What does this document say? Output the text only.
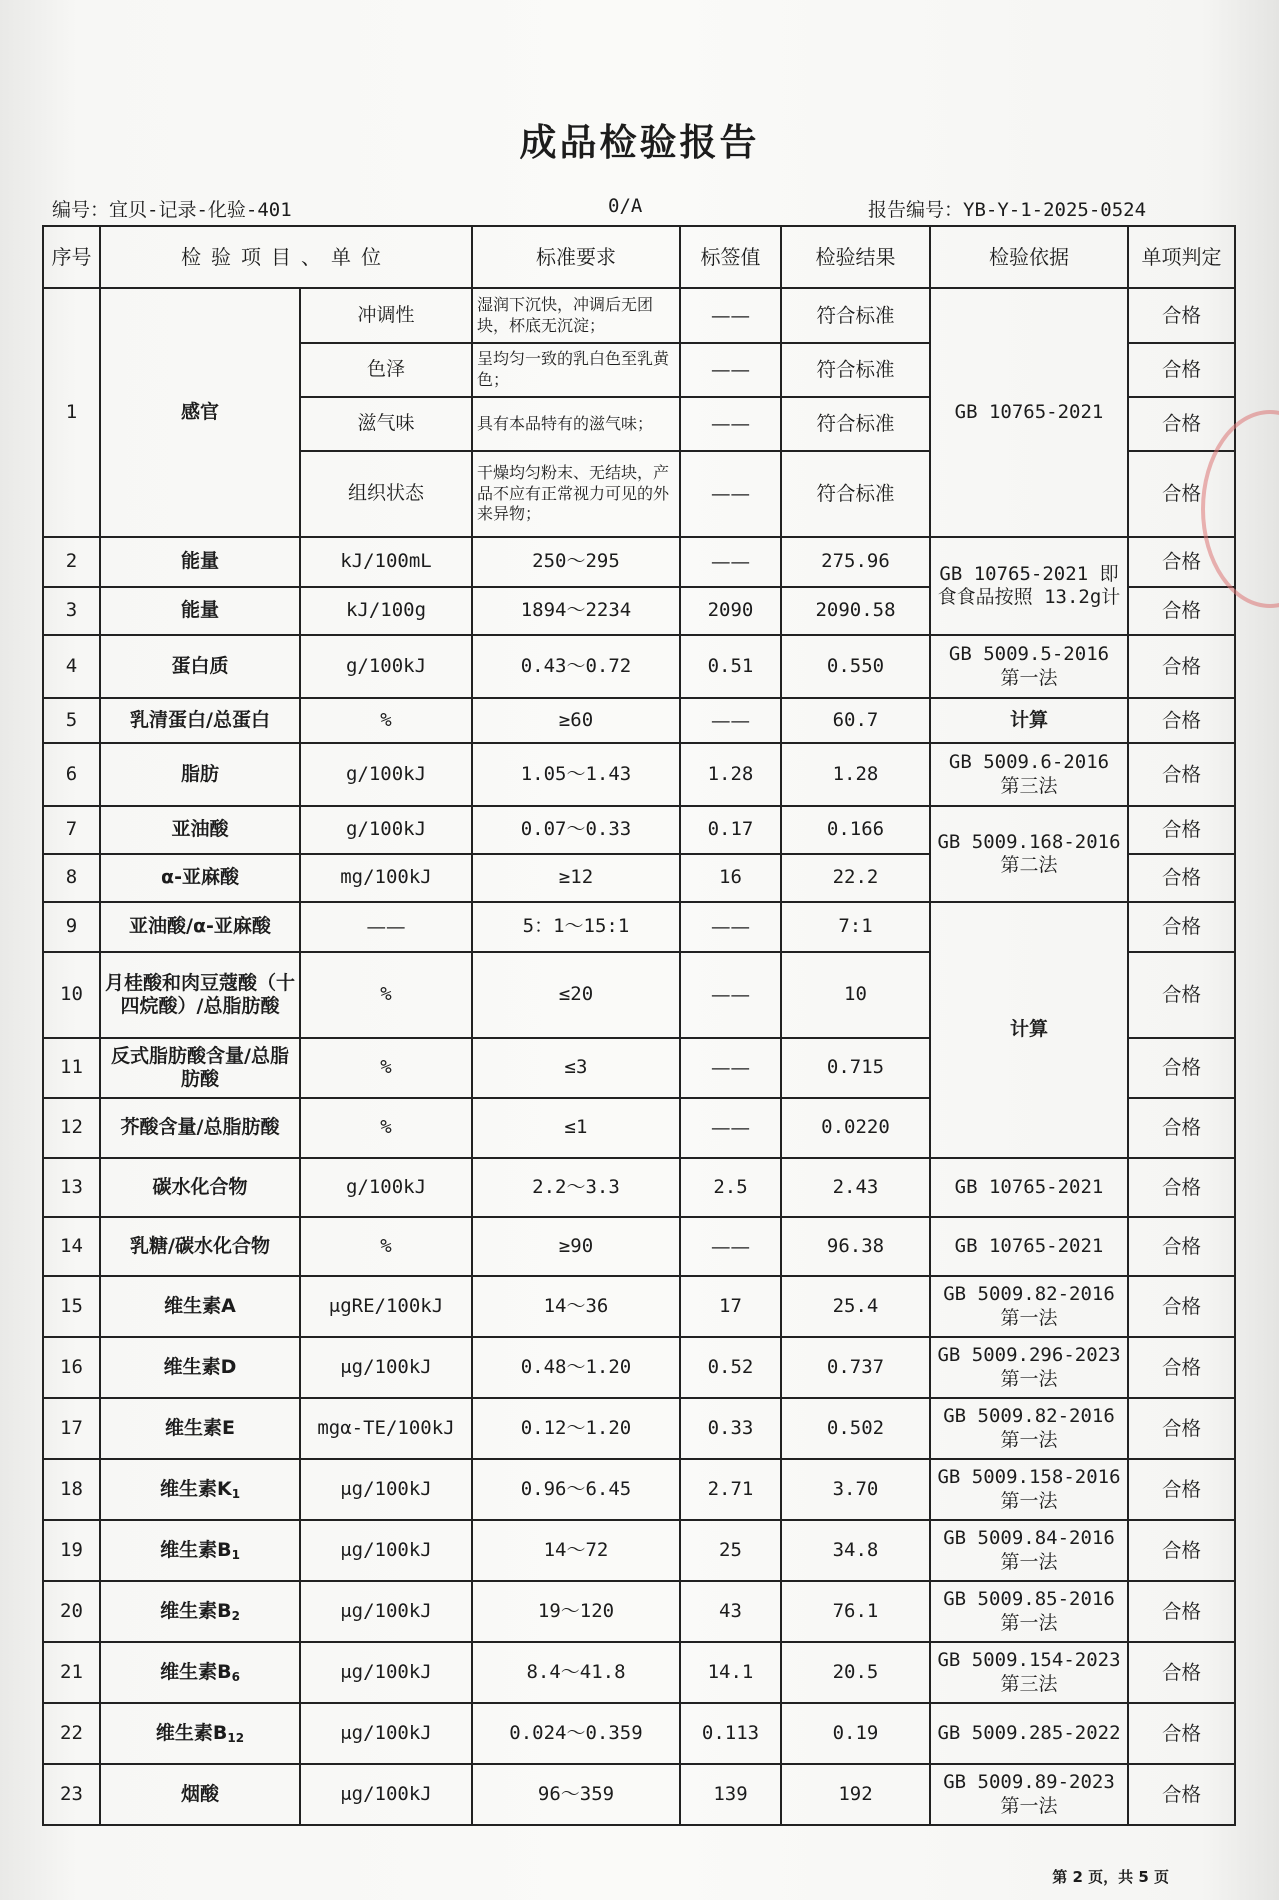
成品检验报告
编号：宜贝-记录-化验-401	0/A	报告编号：YB-Y-1-2025-0524
序号	检验项目、单位		标准要求	标签值	检验结果	检验依据	单项判定
1	感官	冲调性	湿润下沉快，冲调后无团块，杯底无沉淀；	——	符合标准	GB 10765-2021	合格
		色泽	呈均匀一致的乳白色至乳黄色；	——	符合标准		合格
		滋气味	具有本品特有的滋气味；	——	符合标准		合格
		组织状态	干燥均匀粉末、无结块，产品不应有正常视力可见的外来异物；	——	符合标准		合格
2	能量	kJ/100mL	250～295	——	275.96	GB 10765-2021 即食食品按照 13.2g计	合格
3	能量	kJ/100g	1894～2234	2090	2090.58		合格
4	蛋白质	g/100kJ	0.43～0.72	0.51	0.550	GB 5009.5-2016 第一法	合格
5	乳清蛋白/总蛋白	%	≥60	——	60.7	计算	合格
6	脂肪	g/100kJ	1.05～1.43	1.28	1.28	GB 5009.6-2016 第三法	合格
7	亚油酸	g/100kJ	0.07～0.33	0.17	0.166	GB 5009.168-2016 第二法	合格
8	α-亚麻酸	mg/100kJ	≥12	16	22.2		合格
9	亚油酸/α-亚麻酸	——	5：1～15:1	——	7:1	计算	合格
10	月桂酸和肉豆蔻酸（十四烷酸）/总脂肪酸	%	≤20	——	10		合格
11	反式脂肪酸含量/总脂肪酸	%	≤3	——	0.715		合格
12	芥酸含量/总脂肪酸	%	≤1	——	0.0220		合格
13	碳水化合物	g/100kJ	2.2～3.3	2.5	2.43	GB 10765-2021	合格
14	乳糖/碳水化合物	%	≥90	——	96.38	GB 10765-2021	合格
15	维生素A	μgRE/100kJ	14～36	17	25.4	GB 5009.82-2016 第一法	合格
16	维生素D	μg/100kJ	0.48～1.20	0.52	0.737	GB 5009.296-2023 第一法	合格
17	维生素E	mgα-TE/100kJ	0.12～1.20	0.33	0.502	GB 5009.82-2016 第一法	合格
18	维生素$K_1$	μg/100kJ	0.96～6.45	2.71	3.70	GB 5009.158-2016 第一法	合格
19	维生素$B_1$	μg/100kJ	14～72	25	34.8	GB 5009.84-2016 第一法	合格
20	维生素$B_2$	μg/100kJ	19～120	43	76.1	GB 5009.85-2016 第一法	合格
21	维生素$B_6$	μg/100kJ	8.4～41.8	14.1	20.5	GB 5009.154-2023 第三法	合格
22	维生素$B_{12}$	μg/100kJ	0.024～0.359	0.113	0.19	GB 5009.285-2022	合格
23	烟酸	μg/100kJ	96～359	139	192	GB 5009.89-2023 第一法	合格
第 2 页，共 5 页
